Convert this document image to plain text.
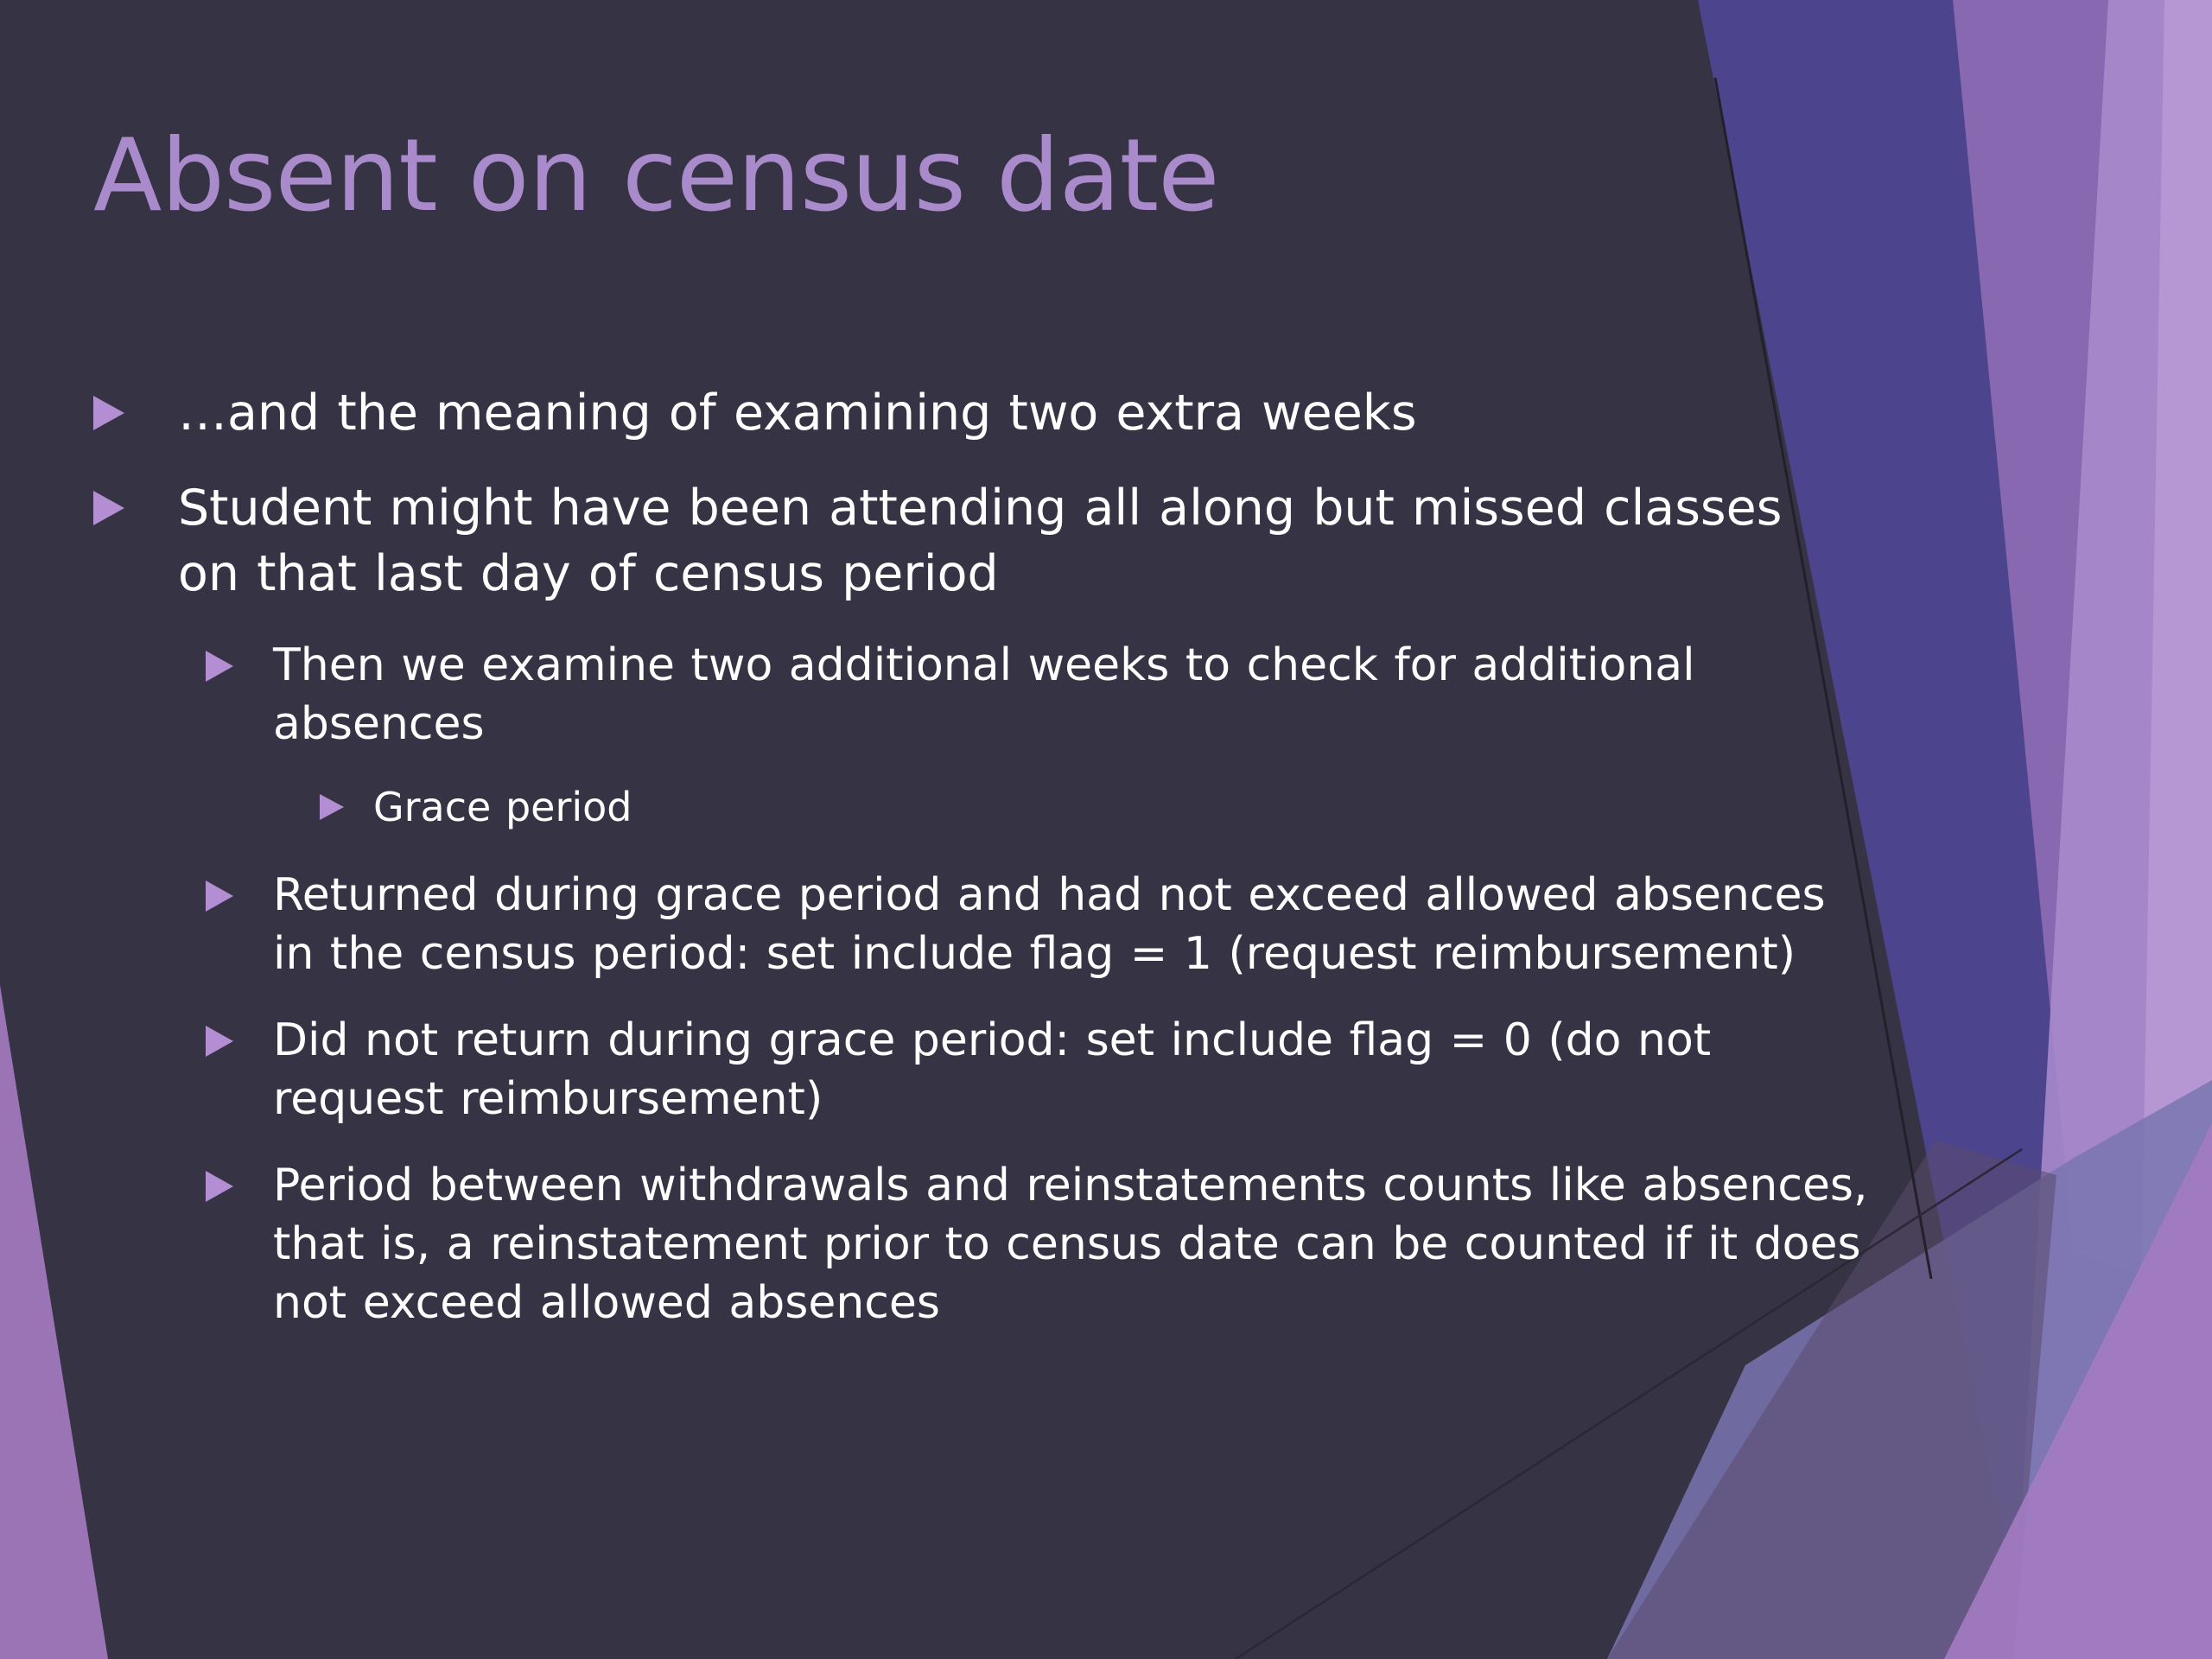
Absent on census date
…and the meaning of examining two extra weeks
Student might have been attending all along but missed classes on that last day of census period
Then we examine two additional weeks to check for additional absences
Grace period
Returned during grace period and had not exceed allowed absences in the census period: set include flag = 1 (request reimbursement)
Did not return during grace period: set include flag = 0 (do not request reimbursement)
Period between withdrawals and reinstatements counts like absences, that is, a reinstatement prior to census date can be counted if it does not exceed allowed absences
